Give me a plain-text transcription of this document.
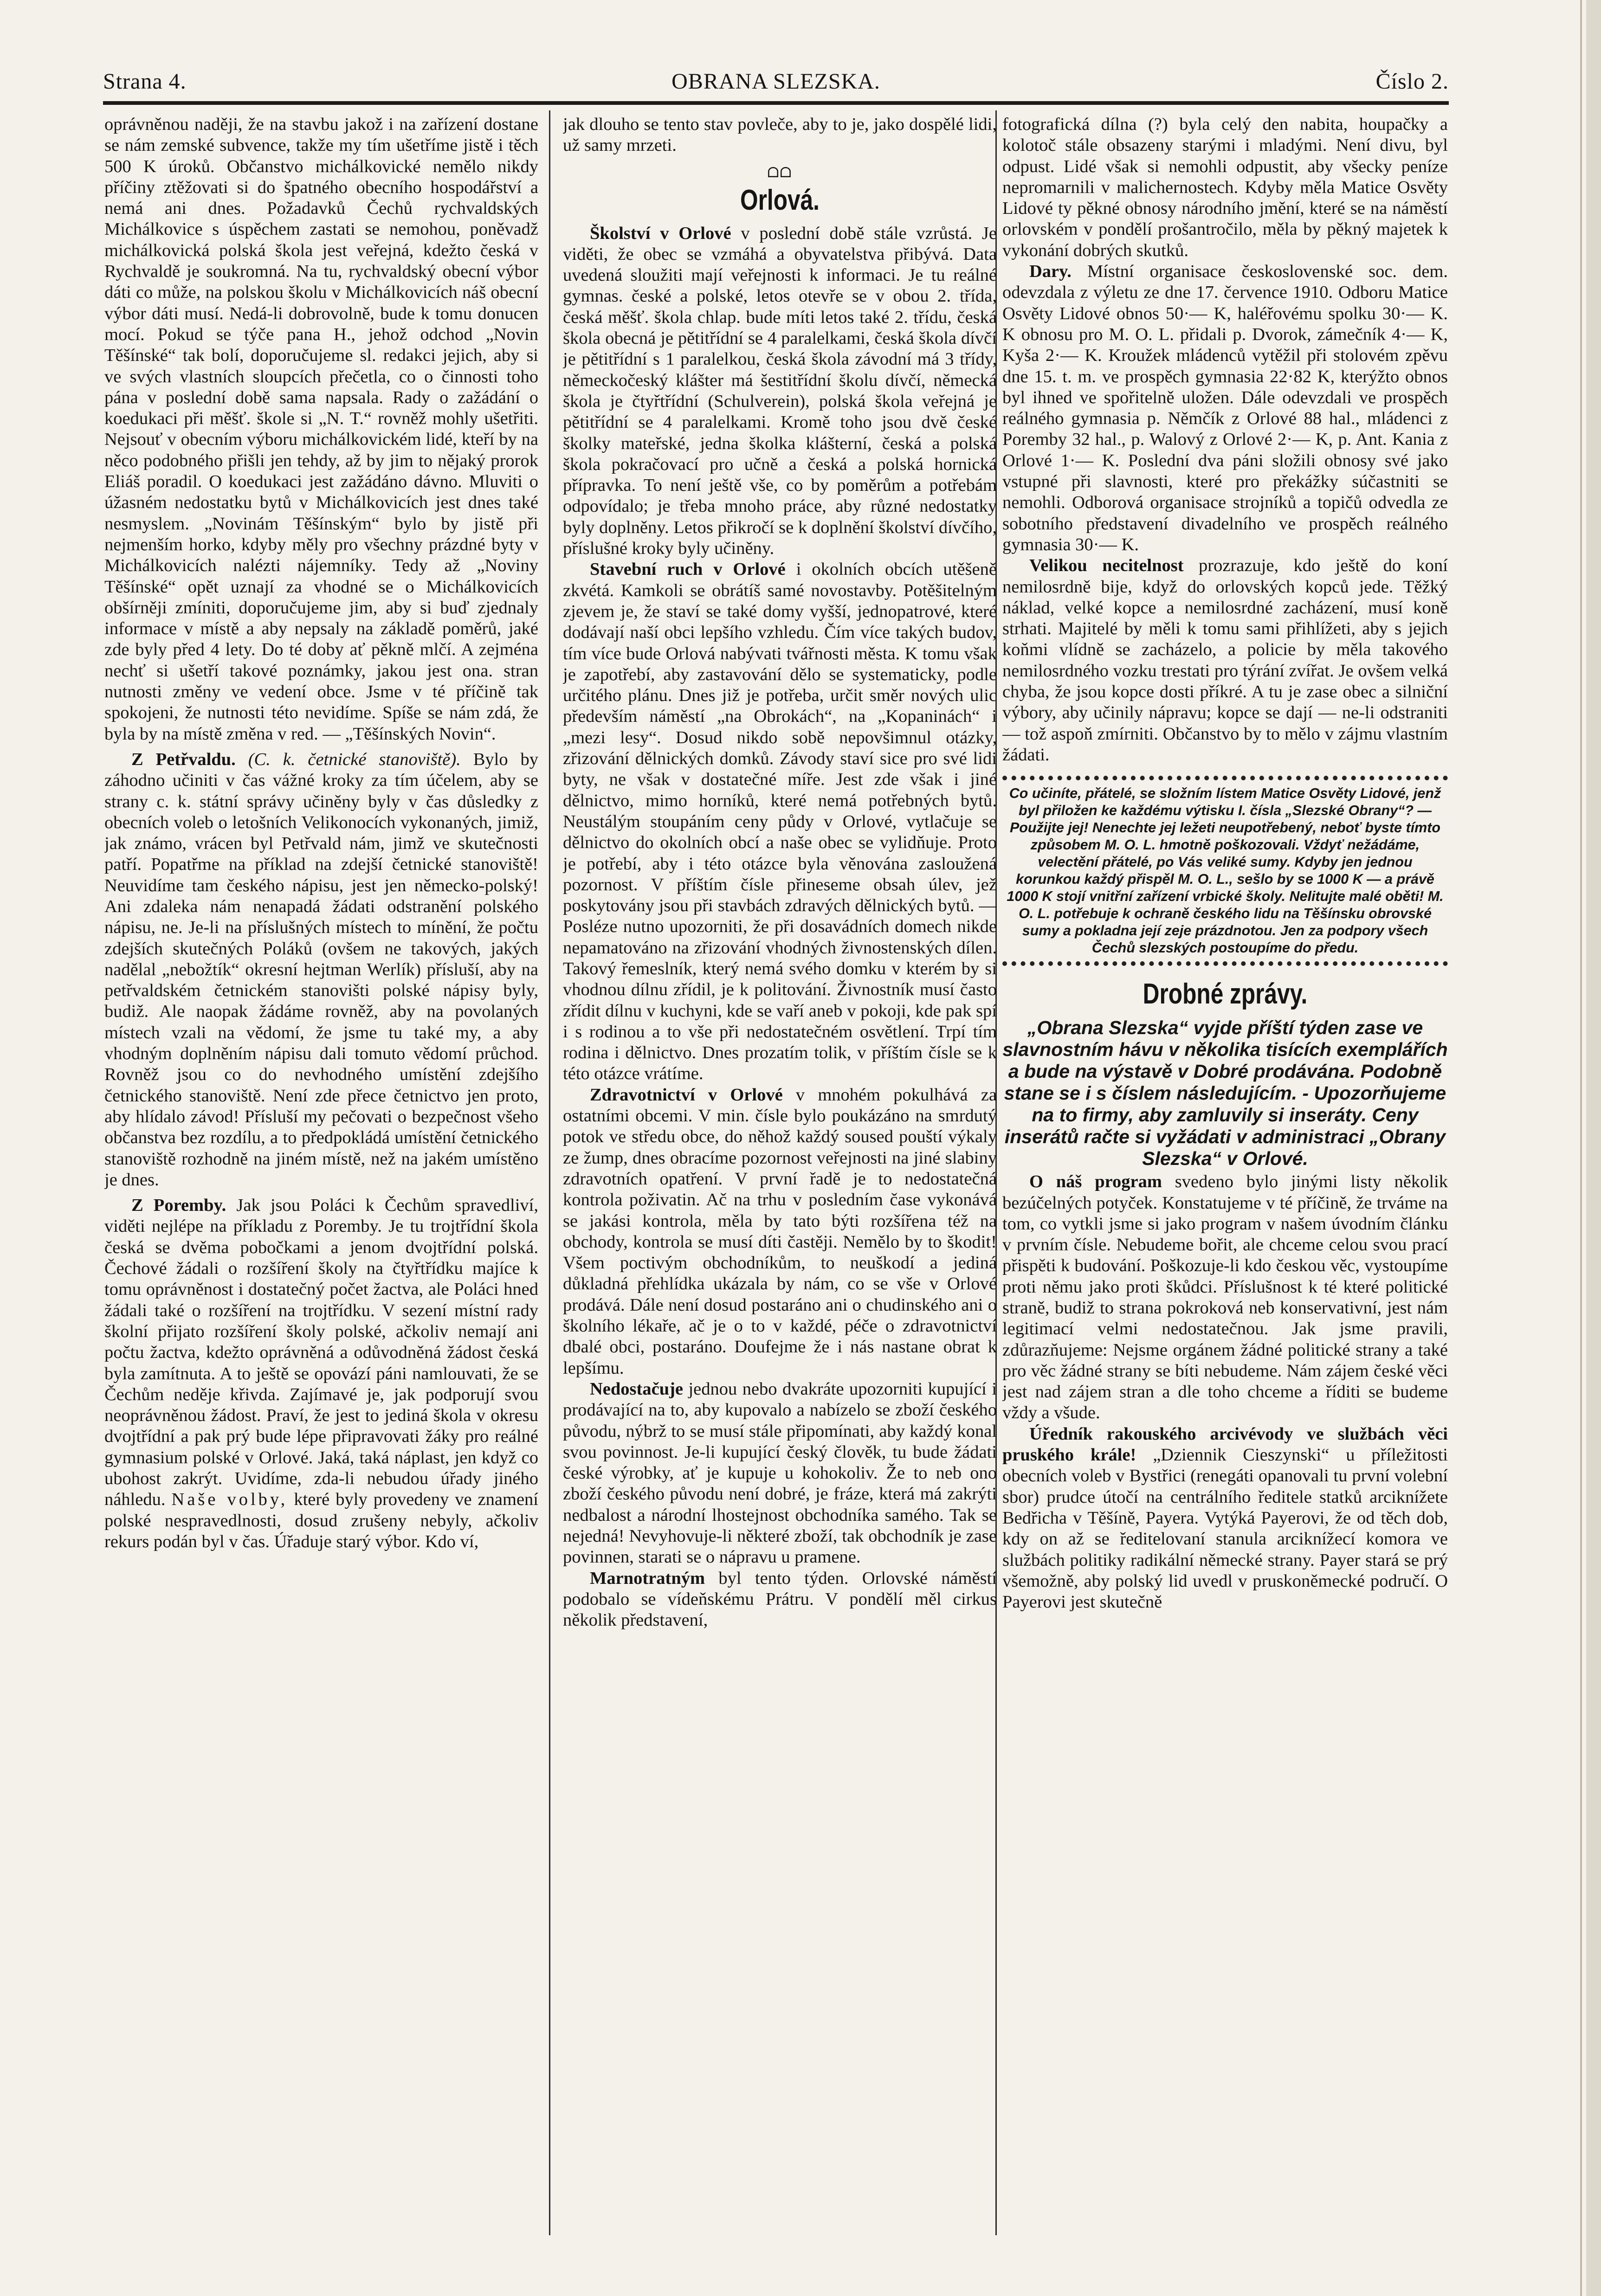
Strana 4.	OBRANA SLEZSKA.	Číslo 2.

oprávněnou naději, že na stavbu jakož i na zařízení dostane se nám zemské subvence, takže my tím ušetříme jistě i těch 500 K úroků. Občanstvo michálkovické nemělo nikdy příčiny ztěžovati si do špatného obecního hospodářství a nemá ani dnes. Požadavků Čechů rychvaldských Michálkovice s úspěchem zastati se nemohou, poněvadž michálkovická polská škola jest veřejná, kdežto česká v Rychvaldě je soukromná. Na tu, rychvaldský obecní výbor dáti co může, na polskou školu v Michálkovicích náš obecní výbor dáti musí. Nedá-li dobrovolně, bude k tomu donucen mocí. Pokud se týče pana H., jehož odchod „Novin Těšínské“ tak bolí, doporučujeme sl. redakci jejich, aby si ve svých vlastních sloupcích přečetla, co o činnosti toho pána v poslední době sama napsala. Rady o zažádání o koedukaci při měšť. škole si „N. T.“ rovněž mohly ušetřiti. Nejsouť v obecním výboru michálkovickém lidé, kteří by na něco podobného přišli jen tehdy, až by jim to nějaký prorok Eliáš poradil. O koedukaci jest zažádáno dávno. Mluviti o úžasném nedostatku bytů v Michálkovicích jest dnes také nesmyslem. „Novinám Těšínským“ bylo by jistě při nejmenším horko, kdyby měly pro všechny prázdné byty v Michálkovicích nalézti nájemníky. Tedy až „Noviny Těšínské“ opět uznají za vhodné se o Michálkovicích obšírněji zmíniti, doporučujeme jim, aby si buď zjednaly informace v místě a aby nepsaly na základě poměrů, jaké zde byly před 4 lety. Do té doby ať pěkně mlčí. A zejména nechť si ušetří takové poznámky, jakou jest ona. stran nutnosti změny ve vedení obce. Jsme v té příčině tak spokojeni, že nutnosti této nevidíme. Spíše se nám zdá, že byla by na místě změna v red. — „Těšínských Novin“.

Z Petřvaldu. (C. k. četnické stanoviště). Bylo by záhodno učiniti v čas vážné kroky za tím účelem, aby se strany c. k. státní správy učiněny byly v čas důsledky z obecních voleb o letošních Velikonocích vykonaných, jimiž, jak známo, vrácen byl Petřvald nám, jimž ve skutečnosti patří. Popatřme na příklad na zdejší četnické stanoviště! Neuvidíme tam českého nápisu, jest jen německo-polský! Ani zdaleka nám nenapadá žádati odstranění polského nápisu, ne. Je-li na příslušných místech to mínění, že počtu zdejších skutečných Poláků (ovšem ne takových, jakých nadělal „nebožtík“ okresní hejtman Werlík) přísluší, aby na petřvaldském četnickém stanovišti polské nápisy byly, budiž. Ale naopak žádáme rovněž, aby na povolaných místech vzali na vědomí, že jsme tu také my, a aby vhodným doplněním nápisu dali tomuto vědomí průchod. Rovněž jsou co do nevhodného umístění zdejšího četnického stanoviště. Není zde přece četnictvo jen proto, aby hlídalo závod! Přísluší my pečovati o bezpečnost všeho občanstva bez rozdílu, a to předpokládá umístění četnického stanoviště rozhodně na jiném místě, než na jakém umístěno je dnes.

Z Poremby. Jak jsou Poláci k Čechům spravedliví, viděti nejlépe na příkladu z Poremby. Je tu trojtřídní škola česká se dvěma pobočkami a jenom dvojtřídní polská. Čechové žádali o rozšíření školy na čtyřtřídku majíce k tomu oprávněnost i dostatečný počet žactva, ale Poláci hned žádali také o rozšíření na trojtřídku. V sezení místní rady školní přijato rozšíření školy polské, ačkoliv nemají ani počtu žactva, kdežto oprávněná a odůvodněná žádost česká byla zamítnuta. A to ještě se opovází páni namlouvati, že se Čechům neděje křivda. Zajímavé je, jak podporují svou neoprávněnou žádost. Praví, že jest to jediná škola v okresu dvojtřídní a pak prý bude lépe připravovati žáky pro reálné gymnasium polské v Orlové. Jaká, taká náplast, jen když co ubohost zakrýt. Uvidíme, zda-li nebudou úřady jiného náhledu. Naše volby, které byly provedeny ve znamení polské nespravedlnosti, dosud zrušeny nebyly, ačkoliv rekurs podán byl v čas. Úřaduje starý výbor. Kdo ví,

jak dlouho se tento stav povleče, aby to je, jako dospělé lidi, už samy mrzeti.

ᗝᗝ
Orlová.

Školství v Orlové v poslední době stále vzrůstá. Je viděti, že obec se vzmáhá a obyvatelstva přibývá. Data uvedená sloužiti mají veřejnosti k informaci. Je tu reálné gymnas. české a polské, letos otevře se v obou 2. třída, česká měšť. škola chlap. bude míti letos také 2. třídu, česká škola obecná je pětitřídní se 4 paralelkami, česká škola dívčí je pětitřídní s 1 paralelkou, česká škola závodní má 3 třídy, německočeský klášter má šestitřídní školu dívčí, německá škola je čtyřtřídní (Schulverein), polská škola veřejná je pětitřídní se 4 paralelkami. Kromě toho jsou dvě české školky mateřské, jedna školka klášterní, česká a polská škola pokračovací pro učně a česká a polská hornická přípravka. To není ještě vše, co by poměrům a potřebám odpovídalo; je třeba mnoho práce, aby různé nedostatky byly doplněny. Letos přikročí se k doplnění školství dívčího, příslušné kroky byly učiněny.

Stavební ruch v Orlové i okolních obcích utěšeně zkvétá. Kamkoli se obrátíš samé novostavby. Potěšitelným zjevem je, že staví se také domy vyšší, jednopatrové, které dodávají naší obci lepšího vzhledu. Čím více takých budov, tím více bude Orlová nabývati tvářnosti města. K tomu však je zapotřebí, aby zastavování dělo se systematicky, podle určitého plánu. Dnes již je potřeba, určit směr nových ulic především náměstí „na Obrokách“, na „Kopaninách“ i „mezi lesy“. Dosud nikdo sobě nepovšimnul otázky, zřizování dělnických domků. Závody staví sice pro své lidi byty, ne však v dostatečné míře. Jest zde však i jiné dělnictvo, mimo horníků, které nemá potřebných bytů. Neustálým stoupáním ceny půdy v Orlové, vytlačuje se dělnictvo do okolních obcí a naše obec se vylidňuje. Proto je potřebí, aby i této otázce byla věnována zasloužená pozornost. V příštím čísle přineseme obsah úlev, jež poskytovány jsou při stavbách zdravých dělnických bytů. — Posléze nutno upozorniti, že při dosavádních domech nikde nepamatováno na zřizování vhodných živnostenských dílen. Takový řemeslník, který nemá svého domku v kterém by si vhodnou dílnu zřídil, je k politování. Živnostník musí často zřídit dílnu v kuchyni, kde se vaří aneb v pokoji, kde pak spí i s rodinou a to vše při nedostatečném osvětlení. Trpí tím rodina i dělnictvo. Dnes prozatím tolik, v příštím čísle se k této otázce vrátíme.

Zdravotnictví v Orlové v mnohém pokulhává za ostatními obcemi. V min. čísle bylo poukázáno na smrdutý potok ve středu obce, do něhož každý soused pouští výkaly ze žump, dnes obracíme pozornost veřejnosti na jiné slabiny zdravotních opatření. V první řadě je to nedostatečná kontrola poživatin. Ač na trhu v posledním čase vykonává se jakási kontrola, měla by tato býti rozšířena též na obchody, kontrola se musí díti častěji. Nemělo by to škodit! Všem poctivým obchodníkům, to neuškodí a jediná důkladná přehlídka ukázala by nám, co se vše v Orlové prodává. Dále není dosud postaráno ani o chudinského ani o školního lékaře, ač je o to v každé, péče o zdravotnictví dbalé obci, postaráno. Doufejme že i nás nastane obrat k lepšímu.

Nedostačuje jednou nebo dvakráte upozorniti kupující i prodávající na to, aby kupovalo a nabízelo se zboží českého původu, nýbrž to se musí stále připomínati, aby každý konal svou povinnost. Je-li kupující český člověk, tu bude žádati české výrobky, ať je kupuje u kohokoliv. Že to neb ono zboží českého původu není dobré, je fráze, která má zakrýti nedbalost a národní lhostejnost obchodníka samého. Tak se nejedná! Nevyhovuje-li některé zboží, tak obchodník je zase povinnen, starati se o nápravu u pramene.

Marnotratným byl tento týden. Orlovské náměstí podobalo se vídeňskému Prátru. V pondělí měl cirkus několik představení,

fotografická dílna (?) byla celý den nabita, houpačky a kolotoč stále obsazeny starými i mladými. Není divu, byl odpust. Lidé však si nemohli odpustit, aby všecky peníze nepromarnili v malichernostech. Kdyby měla Matice Osvěty Lidové ty pěkné obnosy národního jmění, které se na náměstí orlovském v pondělí prošantročilo, měla by pěkný majetek k vykonání dobrých skutků.

Dary. Místní organisace československé soc. dem. odevzdala z výletu ze dne 17. července 1910. Odboru Matice Osvěty Lidové obnos 50·— K, haléřovému spolku 30·— K. K obnosu pro M. O. L. přidali p. Dvorok, zámečník 4·— K, Kyša 2·— K. Kroužek mládenců vytěžil při stolovém zpěvu dne 15. t. m. ve prospěch gymnasia 22·82 K, kterýžto obnos byl ihned ve spořitelně uložen. Dále odevzdali ve prospěch reálného gymnasia p. Němčík z Orlové 88 hal., mládenci z Poremby 32 hal., p. Walový z Orlové 2·— K, p. Ant. Kania z Orlové 1·— K. Poslední dva páni složili obnosy své jako vstupné při slavnosti, které pro překážky súčastniti se nemohli. Odborová organisace strojníků a topičů odvedla ze sobotního představení divadelního ve prospěch reálného gymnasia 30·— K.

Velikou necitelnost prozrazuje, kdo ještě do koní nemilosrdně bije, když do orlovských kopců jede. Těžký náklad, velké kopce a nemilosrdné zacházení, musí koně strhati. Majitelé by měli k tomu sami přihlížeti, aby s jejich koňmi vlídně se zacházelo, a policie by měla takového nemilosrdného vozku trestati pro týrání zvířat. Je ovšem velká chyba, že jsou kopce dosti příkré. A tu je zase obec a silniční výbory, aby učinily nápravu; kopce se dají — ne-li odstraniti — tož aspoň zmírniti. Občanstvo by to mělo v zájmu vlastním žádati.

Co učiníte, přátelé, se složním lístem Matice Osvěty Lidové, jenž byl přiložen ke každému výtisku I. čísla „Slezské Obrany“? — Použijte jej! Nenechte jej ležeti neupotřebený, neboť byste tímto způsobem M. O. L. hmotně poškozovali. Vždyť nežádáme, velectění přátelé, po Vás veliké sumy. Kdyby jen jednou korunkou každý přispěl M. O. L., sešlo by se 1000 K — a právě 1000 K stojí vnitřní zařízení vrbické školy. Nelitujte malé oběti! M. O. L. potřebuje k ochraně českého lidu na Těšínsku obrovské sumy a pokladna její zeje prázdnotou. Jen za podpory všech Čechů slezských postoupíme do předu.
Drobné zprávy.

„Obrana Slezska“ vyjde příští týden zase ve slavnostním hávu v několika tisících exemplářích a bude na výstavě v Dobré prodávána. Podobně stane se i s číslem následujícím. - Upozorňujeme na to firmy, aby zamluvily si inseráty. Ceny inserátů račte si vyžádati v administraci „Obrany Slezska“ v Orlové.

O náš program svedeno bylo jinými listy několik bezúčelných potyček. Konstatujeme v té příčině, že trváme na tom, co vytkli jsme si jako program v našem úvodním článku v prvním čísle. Nebudeme bořit, ale chceme celou svou prací přispěti k budování. Poškozuje-li kdo českou věc, vystoupíme proti němu jako proti škůdci. Příslušnost k té které politické straně, budiž to strana pokroková neb konservativní, jest nám legitimací velmi nedostatečnou. Jak jsme pravili, zdůrazňujeme: Nejsme orgánem žádné politické strany a také pro věc žádné strany se bíti nebudeme. Nám zájem české věci jest nad zájem stran a dle toho chceme a říditi se budeme vždy a všude.

Úředník rakouského arcivévody ve službách věci pruského krále! „Dziennik Cieszynski“ u příležitosti obecních voleb v Bystřici (renegáti opanovali tu první volební sbor) prudce útočí na centrálního ředitele statků arciknížete Bedřicha v Těšíně, Payera. Vytýká Payerovi, že od těch dob, kdy on až se ředitelovaní stanula arciknížecí komora ve službách politiky radikální německé strany. Payer stará se prý všemožně, aby polský lid uvedl v pruskoněmecké područí. O Payerovi jest skutečně
